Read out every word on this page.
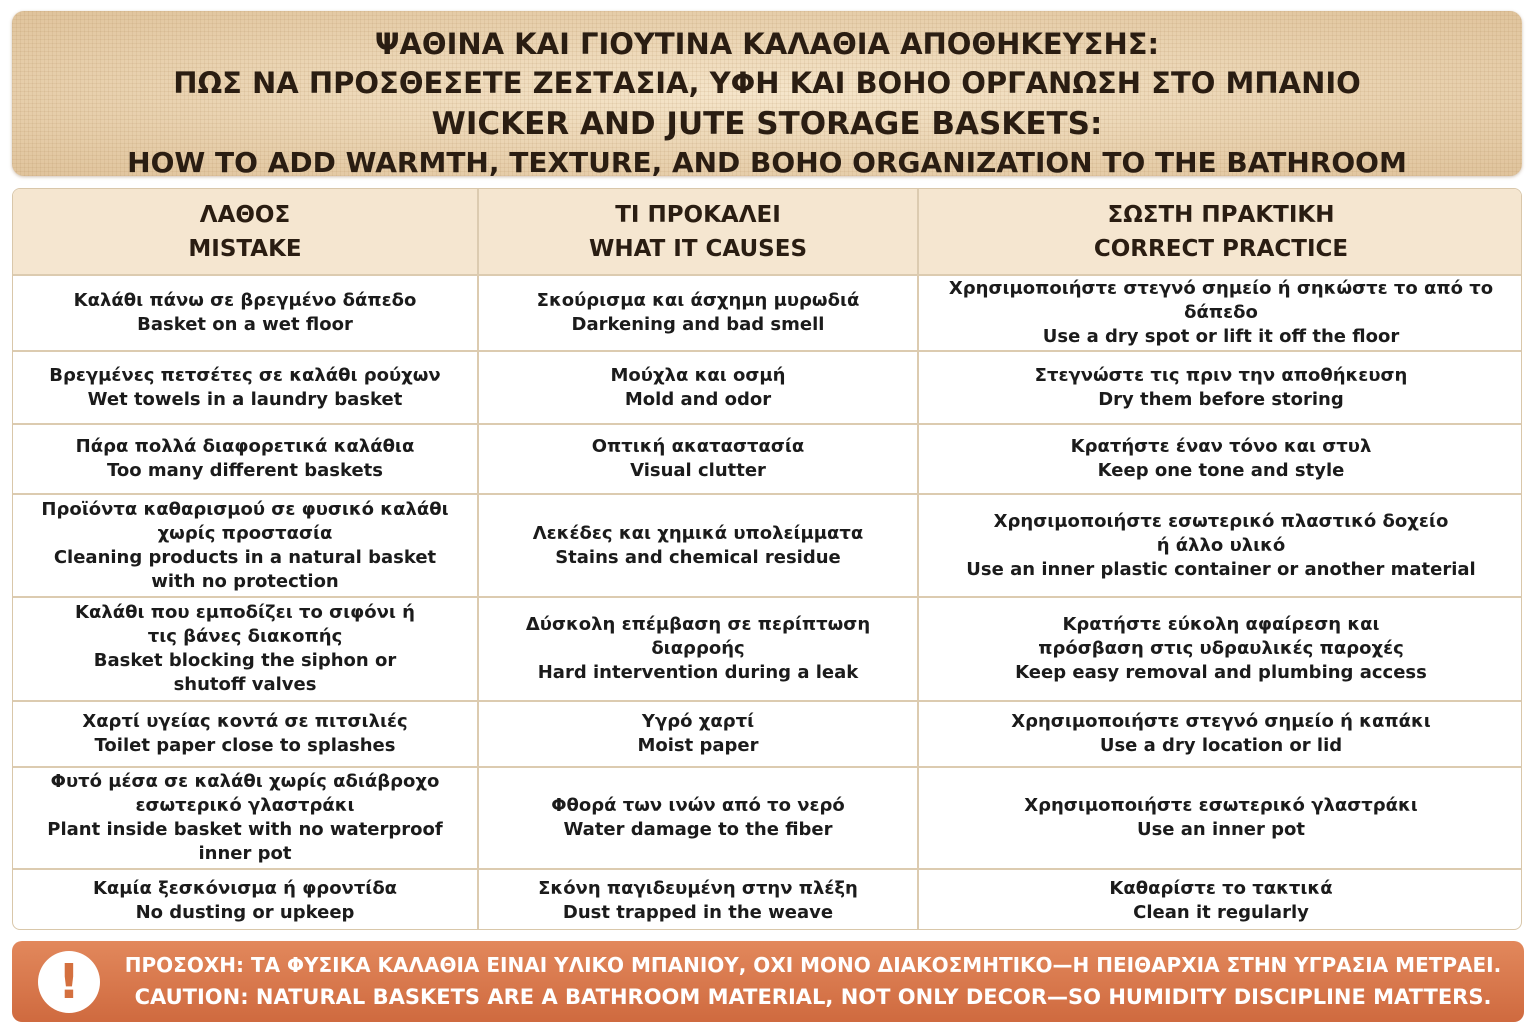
ΨΑΘΙΝΑ ΚΑΙ ΓΙΟΥΤΙΝΑ ΚΑΛΑΘΙΑ ΑΠΟΘΗΚΕΥΣΗΣ:
ΠΩΣ ΝΑ ΠΡΟΣΘΕΣΕΤΕ ΖΕΣΤΑΣΙΑ, ΥΦΗ ΚΑΙ ΒΟΗΟ ΟΡΓΑΝΩΣΗ ΣΤΟ ΜΠΑΝΙΟ
WICKER AND JUTE STORAGE BASKETS:
HOW TO ADD WARMTH, TEXTURE, AND BOHO ORGANIZATION TO THE BATHROOM
ΛΑΘΟΣ
MISTAKE	ΤΙ ΠΡΟΚΑΛΕΙ
WHAT IT CAUSES	ΣΩΣΤΗ ΠΡΑΚΤΙΚΗ
CORRECT PRACTICE

Καλάθι πάνω σε βρεγμένο δάπεδο
Basket on a wet floor	Σκούρισμα και άσχημη μυρωδιά
Darkening and bad smell	Χρησιμοποιήστε στεγνό σημείο ή σηκώστε το από το δάπεδο
Use a dry spot or lift it off the floor

Βρεγμένες πετσέτες σε καλάθι ρούχων
Wet towels in a laundry basket	Μούχλα και οσμή
Mold and odor	Στεγνώστε τις πριν την αποθήκευση
Dry them before storing

Πάρα πολλά διαφορετικά καλάθια
Too many different baskets	Οπτική ακαταστασία
Visual clutter	Κρατήστε έναν τόνο και στυλ
Keep one tone and style

Προϊόντα καθαρισμού σε φυσικό καλάθι
χωρίς προστασία
Cleaning products in a natural basket
with no protection	Λεκέδες και χημικά υπολείμματα
Stains and chemical residue	Χρησιμοποιήστε εσωτερικό πλαστικό δοχείο
ή άλλο υλικό
Use an inner plastic container or another material

Καλάθι που εμποδίζει το σιφόνι ή
τις βάνες διακοπής
Basket blocking the siphon or
shutoff valves	Δύσκολη επέμβαση σε περίπτωση διαρροής
Hard intervention during a leak	Κρατήστε εύκολη αφαίρεση και
πρόσβαση στις υδραυλικές παροχές
Keep easy removal and plumbing access

Χαρτί υγείας κοντά σε πιτσιλιές
Toilet paper close to splashes	Υγρό χαρτί
Moist paper	Χρησιμοποιήστε στεγνό σημείο ή καπάκι
Use a dry location or lid

Φυτό μέσα σε καλάθι χωρίς αδιάβροχο
εσωτερικό γλαστράκι
Plant inside basket with no waterproof
inner pot	Φθορά των ινών από το νερό
Water damage to the fiber	Χρησιμοποιήστε εσωτερικό γλαστράκι
Use an inner pot

Καμία ξεσκόνισμα ή φροντίδα
No dusting or upkeep	Σκόνη παγιδευμένη στην πλέξη
Dust trapped in the weave	Καθαρίστε το τακτικά
Clean it regularly
!	ΠΡΟΣΟΧΗ: ΤΑ ΦΥΣΙΚΑ ΚΑΛΑΘΙΑ ΕΙΝΑΙ ΥΛΙΚΟ ΜΠΑΝΙΟΥ, ΟΧΙ ΜΟΝΟ ΔΙΑΚΟΣΜΗΤΙΚΟ—Η ΠΕΙΘΑΡΧΙΑ ΣΤΗΝ ΥΓΡΑΣΙΑ ΜΕΤΡΑΕΙ.
CAUTION: NATURAL BASKETS ARE A BATHROOM MATERIAL, NOT ONLY DECOR—SO HUMIDITY DISCIPLINE MATTERS.
